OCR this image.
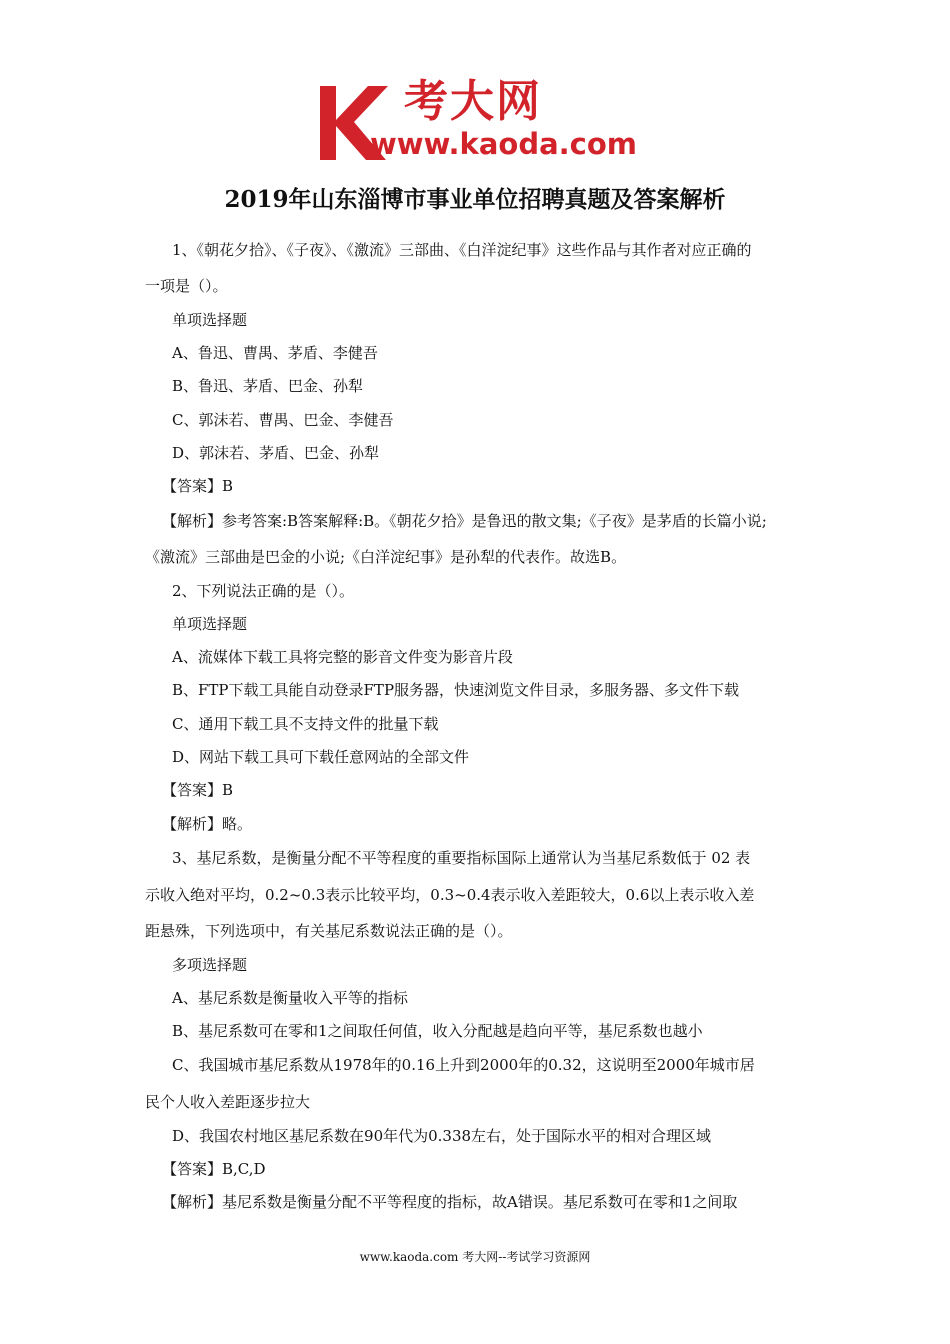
考大网
www.kaoda.com
2019年山东淄博市事业单位招聘真题及答案解析
1、《朝花夕拾》、《子夜》、《激流》三部曲、《白洋淀纪事》这些作品与其作者对应正确的
一项是（）。
单项选择题
A、鲁迅、曹禺、茅盾、李健吾
B、鲁迅、茅盾、巴金、孙犁
C、郭沫若、曹禺、巴金、李健吾
D、郭沫若、茅盾、巴金、孙犁
【答案】B
【解析】参考答案:B答案解释:B。《朝花夕拾》是鲁迅的散文集;《子夜》是茅盾的长篇小说;
《激流》三部曲是巴金的小说;《白洋淀纪事》是孙犁的代表作。故选B。
2、下列说法正确的是（）。
单项选择题
A、流媒体下载工具将完整的影音文件变为影音片段
B、FTP下载工具能自动登录FTP服务器，快速浏览文件目录，多服务器、多文件下载
C、通用下载工具不支持文件的批量下载
D、网站下载工具可下载任意网站的全部文件
【答案】B
【解析】略。
3、基尼系数，是衡量分配不平等程度的重要指标国际上通常认为当基尼系数低于 02 表
示收入绝对平均，0.2~0.3表示比较平均，0.3~0.4表示收入差距较大，0.6以上表示收入差
距悬殊，下列选项中，有关基尼系数说法正确的是（）。
多项选择题
A、基尼系数是衡量收入平等的指标
B、基尼系数可在零和1之间取任何值，收入分配越是趋向平等，基尼系数也越小
C、我国城市基尼系数从1978年的0.16上升到2000年的0.32，这说明至2000年城市居
民个人收入差距逐步拉大
D、我国农村地区基尼系数在90年代为0.338左右，处于国际水平的相对合理区域
【答案】B,C,D
【解析】基尼系数是衡量分配不平等程度的指标，故A错误。基尼系数可在零和1之间取
www.kaoda.com 考大网--考试学习资源网
